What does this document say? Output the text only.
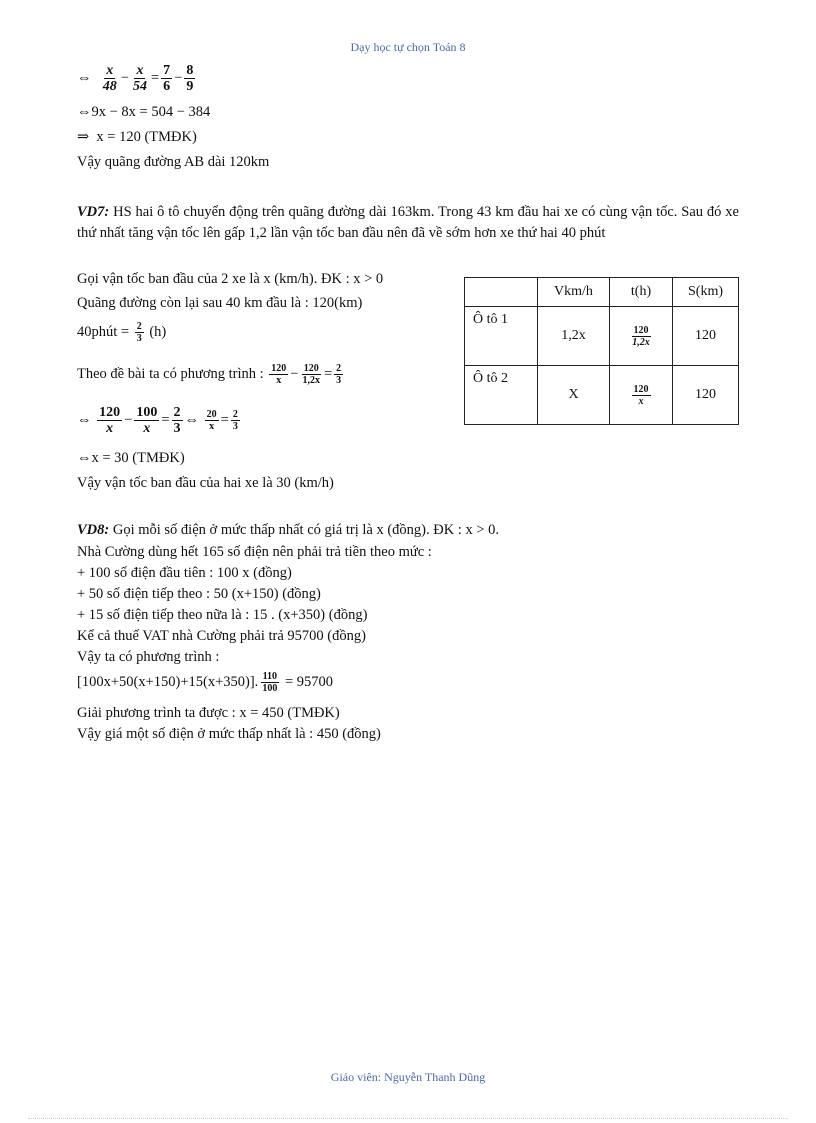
Dạy học tự chọn Toán 8
⇔ $\frac{x}{48} - \frac{x}{54} = \frac{7}{6} - \frac{8}{9}$
⇔9x − 8x = 504 − 384
⇒ x = 120 (TMĐK)
Vậy quãng đường AB dài 120km
VD7: HS hai ô tô chuyển động trên quãng đường dài 163km. Trong 43 km đầu hai xe có cùng vận tốc. Sau đó xe thứ nhất tăng vận tốc lên gấp 1,2 lần vận tốc ban đầu nên đã về sớm hơn xe thứ hai 40 phút
Gọi vận tốc ban đầu của 2 xe là x (km/h). ĐK : x > 0
Quãng đường còn lại sau 40 km đầu là : 120(km)
40phút = $\frac{2}{3} (h)$
Theo đề bài ta có phương trình : $\frac{120}{x} - \frac{120}{1,2x} = \frac{2}{3}$
⇔ $\frac{120}{x} - \frac{100}{x} = \frac{2}{3}$ ⇔ $\frac{20}{x} = \frac{2}{3}$
⇔x = 30 (TMĐK)
Vậy vận tốc ban đầu của hai xe là 30 (km/h)
	Vkm/h	t(h)	S(km)
Ô tô 1	1,2x	$\frac{120}{1,2x}$	120
Ô tô 2	X	$\frac{120}{x}$	120
VD8: Gọi mỗi số điện ở mức thấp nhất có giá trị là x (đồng). ĐK : x > 0.
Nhà Cường dùng hết 165 số điện nên phải trả tiền theo mức :
+ 100 số điện đầu tiên : 100 x (đồng)
+ 50 số điện tiếp theo : 50 (x+150) (đồng)
+ 15 số điện tiếp theo nữa là : 15 . (x+350) (đồng)
Kể cả thuế VAT nhà Cường phải trả 95700 (đồng)
Vậy ta có phương trình :
[100x+50(x+150)+15(x+350)]. $\frac{110}{100} = 95700$
Giải phương trình ta được : x = 450 (TMĐK)
Vậy giá một số điện ở mức thấp nhất là : 450 (đồng)
Giáo viên: Nguyễn Thanh Dũng
